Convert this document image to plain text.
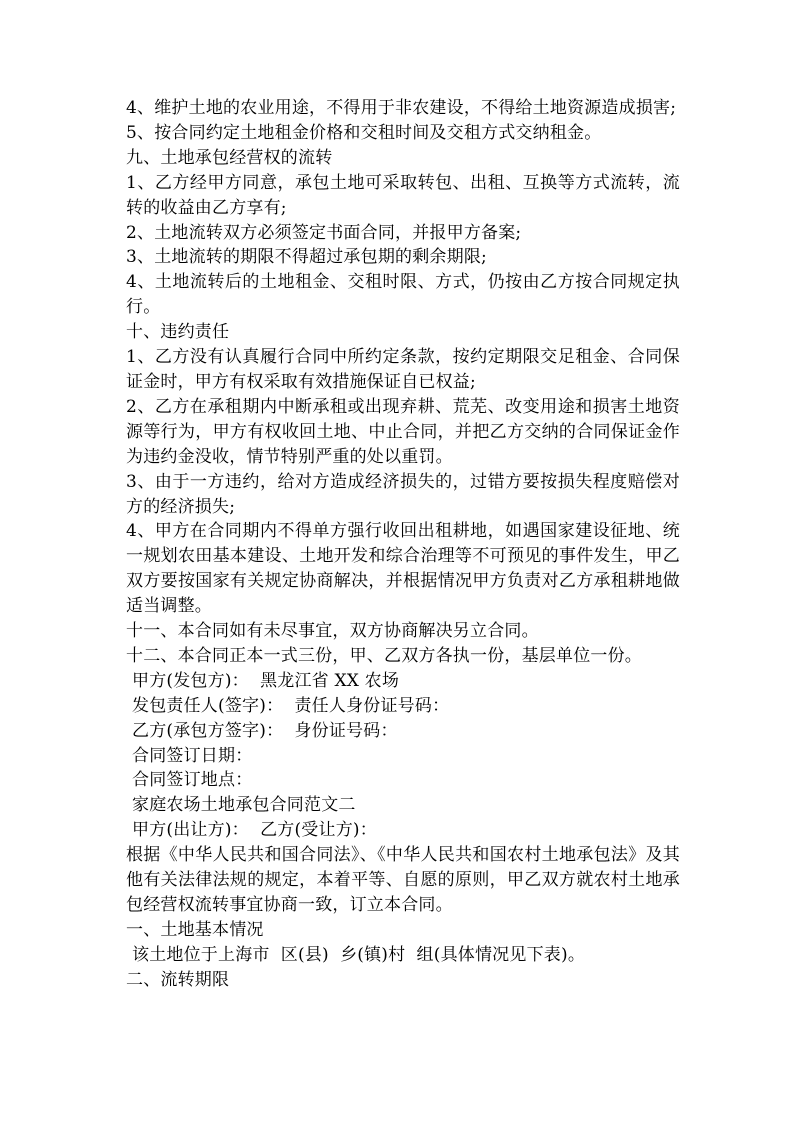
4、维护土地的农业用途，不得用于非农建设，不得给土地资源造成损害;

5、按合同约定土地租金价格和交租时间及交租方式交纳租金。

九、土地承包经营权的流转

1、乙方经甲方同意，承包土地可采取转包、出租、互换等方式流转，流转的收益由乙方享有;

2、土地流转双方必须签定书面合同，并报甲方备案;

3、土地流转的期限不得超过承包期的剩余期限;

4、土地流转后的土地租金、交租时限、方式，仍按由乙方按合同规定执行。

十、违约责任

1、乙方没有认真履行合同中所约定条款，按约定期限交足租金、合同保证金时，甲方有权采取有效措施保证自已权益;

2、乙方在承租期内中断承租或出现弃耕、荒芜、改变用途和损害土地资源等行为，甲方有权收回土地、中止合同，并把乙方交纳的合同保证金作为违约金没收，情节特别严重的处以重罚。

3、由于一方违约，给对方造成经济损失的，过错方要按损失程度赔偿对方的经济损失;

4、甲方在合同期内不得单方强行收回出租耕地，如遇国家建设征地、统一规划农田基本建设、土地开发和综合治理等不可预见的事件发生，甲乙双方要按国家有关规定协商解决，并根据情况甲方负责对乙方承租耕地做适当调整。

十一、本合同如有未尽事宜，双方协商解决另立合同。

十二、本合同正本一式三份，甲、乙双方各执一份，基层单位一份。

甲方(发包方)：  黑龙江省 XX 农场

发包责任人(签字)：  责任人身份证号码：

乙方(承包方签字)：  身份证号码：

合同签订日期：

合同签订地点：

家庭农场土地承包合同范文二

甲方(出让方)：  乙方(受让方)：

根据《中华人民共和国合同法》、《中华人民共和国农村土地承包法》及其他有关法律法规的规定，本着平等、自愿的原则，甲乙双方就农村土地承包经营权流转事宜协商一致，订立本合同。

一、土地基本情况

该土地位于上海市  区(县)  乡(镇)村  组(具体情况见下表)。

二、流转期限
